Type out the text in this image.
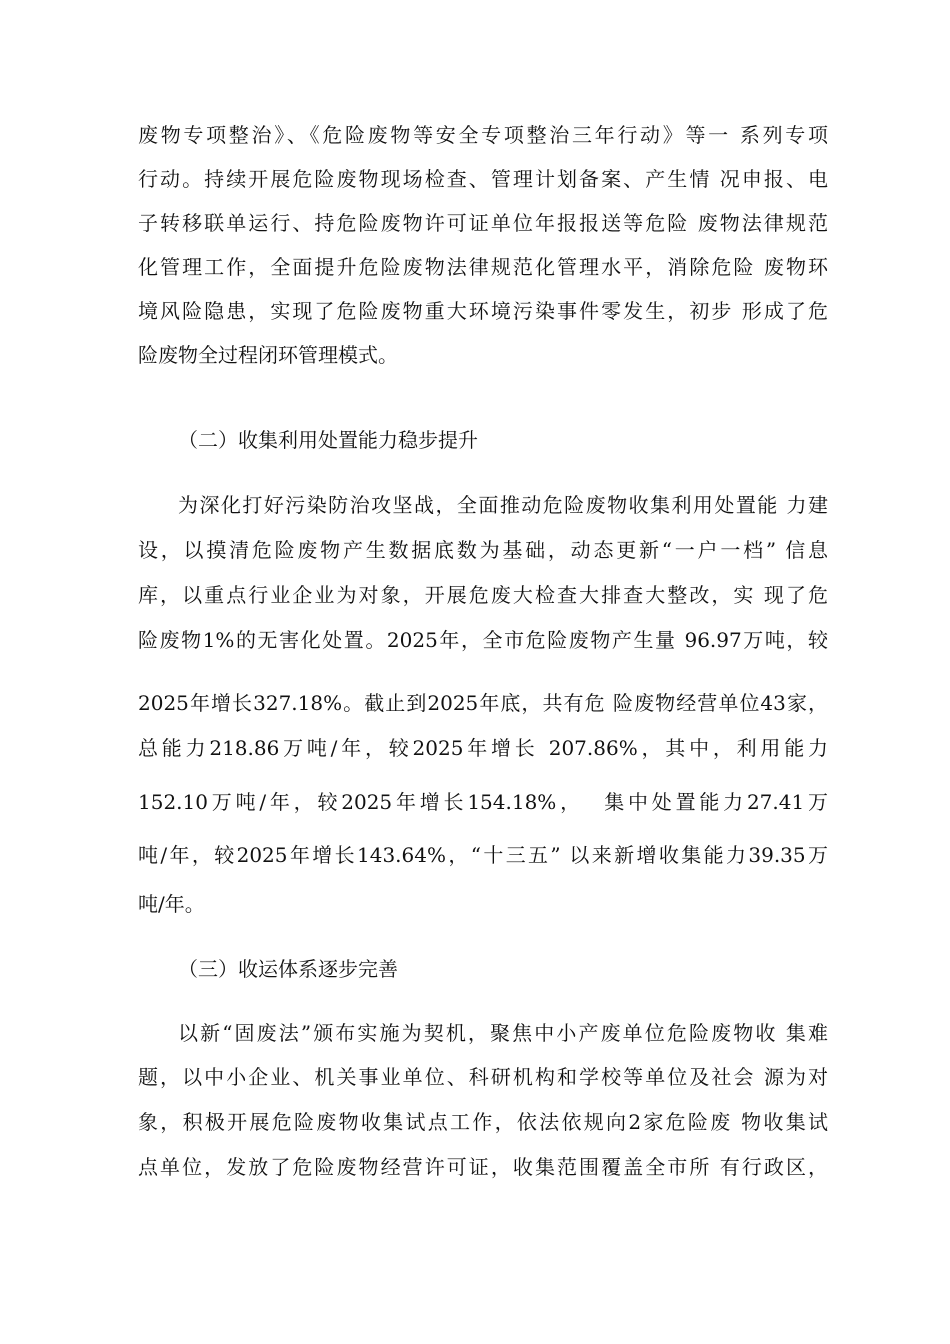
废物专项整治》、《危险废物等安全专项整治三年行动》等一 系列专项
行动。持续开展危险废物现场检查、管理计划备案、产生情 况申报、电
子转移联单运行、持危险废物许可证单位年报报送等危险 废物法律规范
化管理工作，全面提升危险废物法律规范化管理水平，消除危险 废物环
境风险隐患，实现了危险废物重大环境污染事件零发生，初步 形成了危
险废物全过程闭环管理模式。
（二）收集利用处置能力稳步提升
为深化打好污染防治攻坚战，全面推动危险废物收集利用处置能 力建
设，以摸清危险废物产生数据底数为基础，动态更新“一户一档” 信息
库，以重点行业企业为对象，开展危废大检查大排查大整改，实 现了危
险废物1%的无害化处置。2025年，全市危险废物产生量 96.97万吨，较
2025年增长327.18%。截止到2025年底，共有危 险废物经营单位43家，
总能力218.86万吨/年，较2025年增长 207.86%，其中，利用能力
152.10万吨/年，较2025年增长154.18%，  集中处置能力27.41万
吨/年，较2025年增长143.64%，“十三五” 以来新增收集能力39.35万
吨/年。
（三）收运体系逐步完善
以新“固废法”颁布实施为契机，聚焦中小产废单位危险废物收 集难
题，以中小企业、机关事业单位、科研机构和学校等单位及社会 源为对
象，积极开展危险废物收集试点工作，依法依规向2家危险废 物收集试
点单位，发放了危险废物经营许可证，收集范围覆盖全市所 有行政区，
